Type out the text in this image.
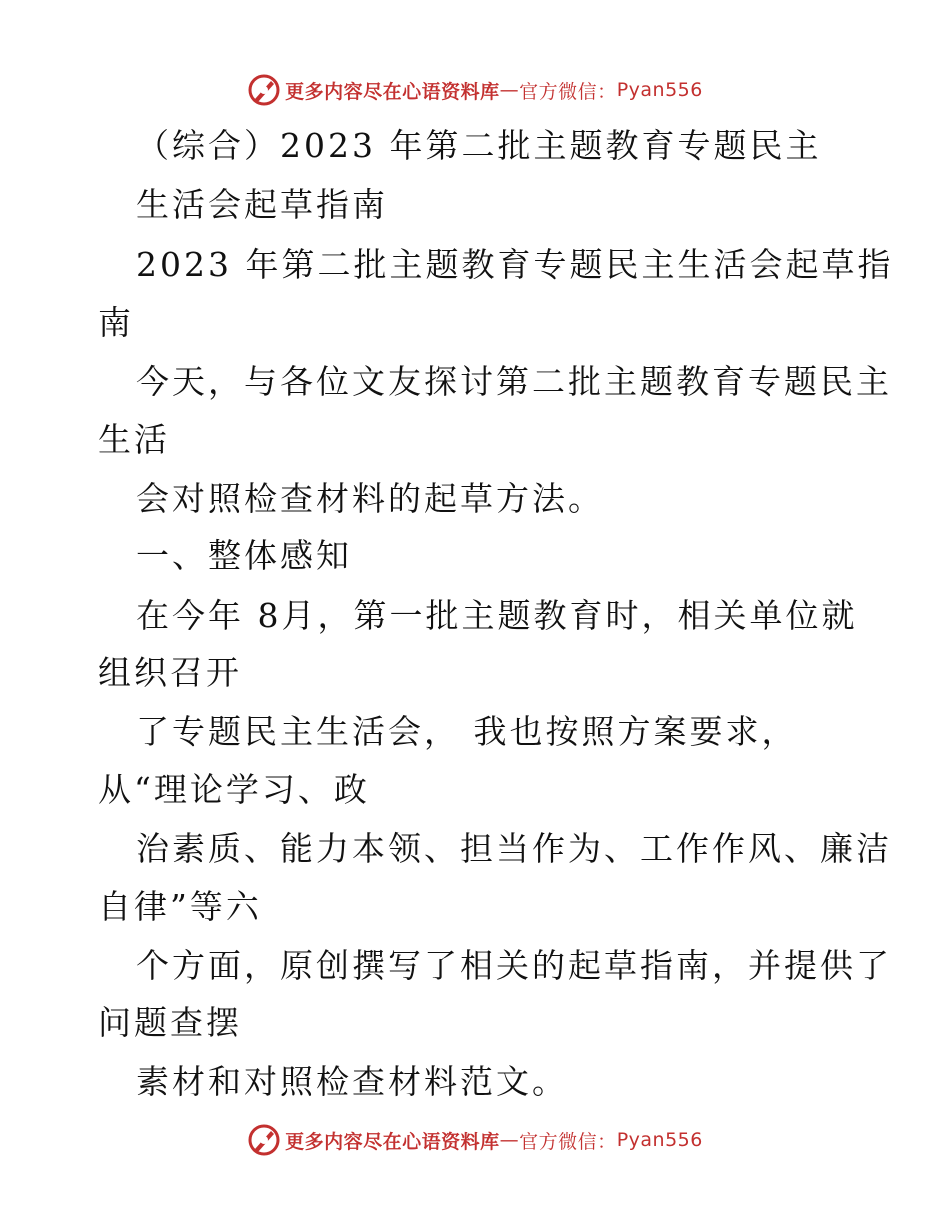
更多内容尽在心语资料库 — 官方微信： Pyan556
（综合）2023 年第二批主题教育专题民主
生活会起草指南
2023 年第二批主题教育专题民主生活会起草指
南
今天，与各位文友探讨第二批主题教育专题民主
生活
会对照检查材料的起草方法。
一、整体感知
在今年 8月，第一批主题教育时，相关单位就
组织召开
了专题民主生活会， 我也按照方案要求，
从“理论学习、政
治素质、能力本领、担当作为、工作作风、廉洁
自律”等六
个方面，原创撰写了相关的起草指南，并提供了
问题查摆
素材和对照检查材料范文。
更多内容尽在心语资料库 — 官方微信： Pyan556
